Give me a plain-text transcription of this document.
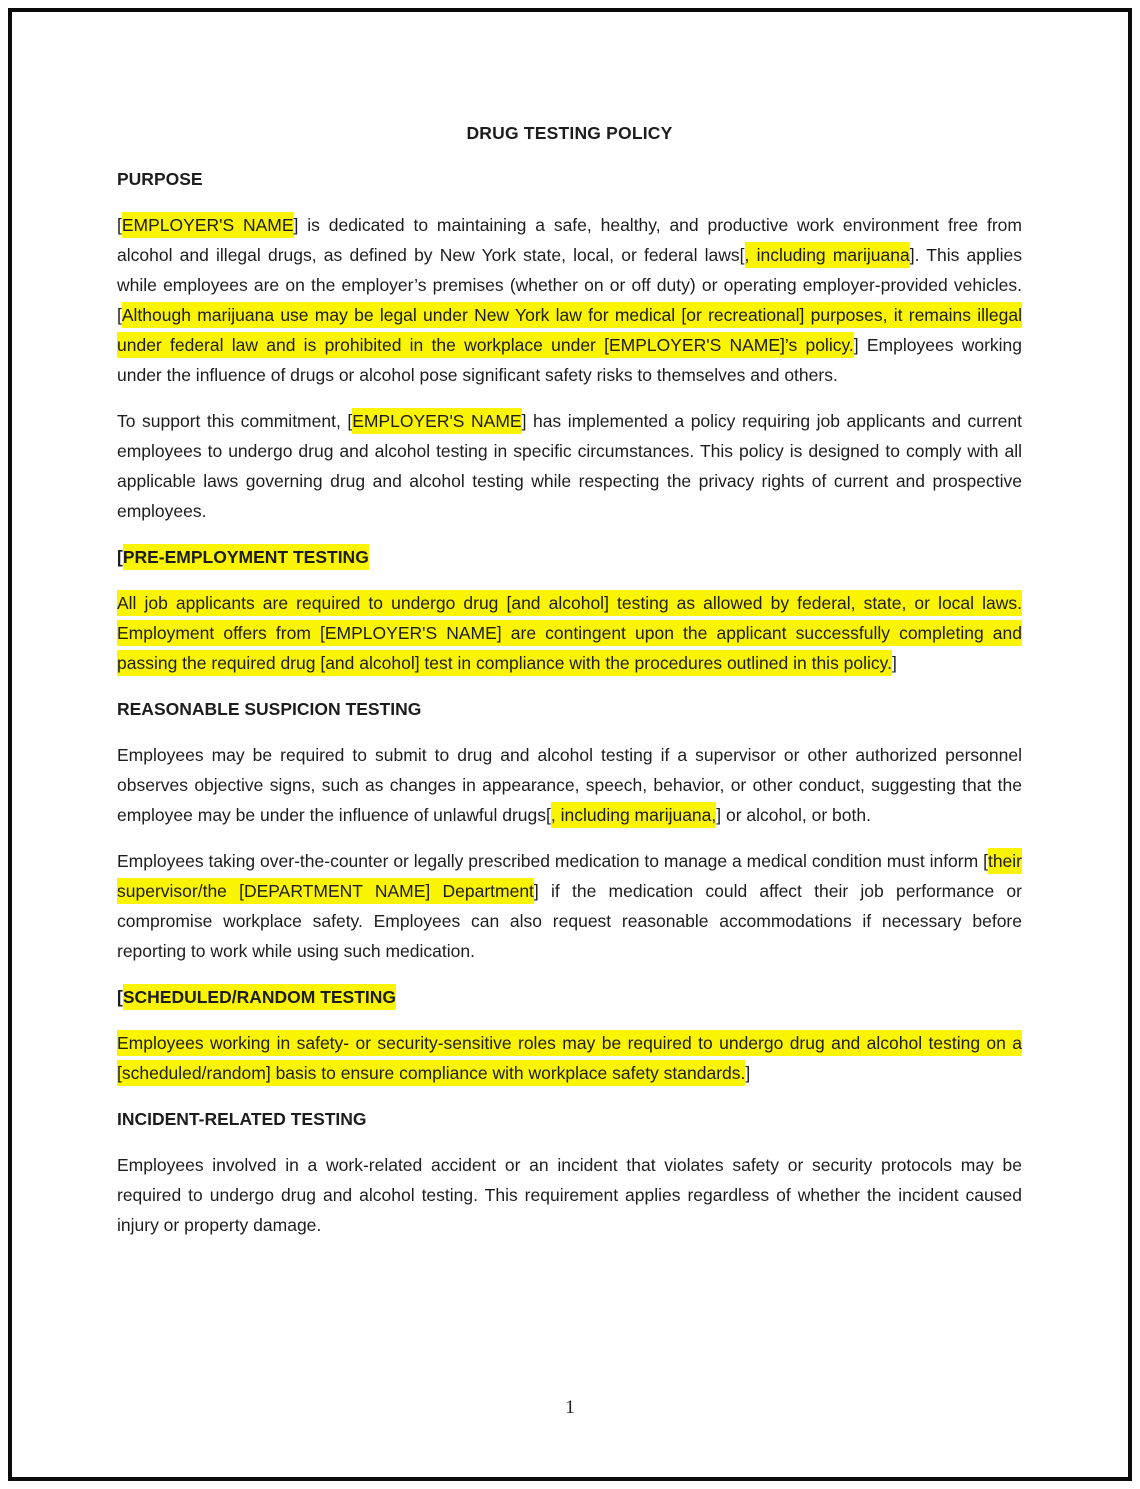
DRUG TESTING POLICY
PURPOSE

[EMPLOYER'S NAME] is dedicated to maintaining a safe, healthy, and productive work environment free from alcohol and illegal drugs, as defined by New York state, local, or federal laws[, including marijuana]. This applies while employees are on the employer’s premises (whether on or off duty) or operating employer-provided vehicles. [Although marijuana use may be legal under New York law for medical [or recreational] purposes, it remains illegal under federal law and is prohibited in the workplace under [EMPLOYER'S NAME]’s policy.] Employees working under the influence of drugs or alcohol pose significant safety risks to themselves and others.

To support this commitment, [EMPLOYER'S NAME] has implemented a policy requiring job applicants and current employees to undergo drug and alcohol testing in specific circumstances. This policy is designed to comply with all applicable laws governing drug and alcohol testing while respecting the privacy rights of current and prospective employees.

[PRE-EMPLOYMENT TESTING

All job applicants are required to undergo drug [and alcohol] testing as allowed by federal, state, or local laws. Employment offers from [EMPLOYER'S NAME] are contingent upon the applicant successfully completing and passing the required drug [and alcohol] test in compliance with the procedures outlined in this policy.]

REASONABLE SUSPICION TESTING

Employees may be required to submit to drug and alcohol testing if a supervisor or other authorized personnel observes objective signs, such as changes in appearance, speech, behavior, or other conduct, suggesting that the employee may be under the influence of unlawful drugs[, including marijuana,] or alcohol, or both.

Employees taking over-the-counter or legally prescribed medication to manage a medical condition must inform [their supervisor/the [DEPARTMENT NAME] Department] if the medication could affect their job performance or compromise workplace safety. Employees can also request reasonable accommodations if necessary before reporting to work while using such medication.

[SCHEDULED/RANDOM TESTING

Employees working in safety- or security-sensitive roles may be required to undergo drug and alcohol testing on a [scheduled/random] basis to ensure compliance with workplace safety standards.]

INCIDENT-RELATED TESTING

Employees involved in a work-related accident or an incident that violates safety or security protocols may be required to undergo drug and alcohol testing. This requirement applies regardless of whether the incident caused injury or property damage.

1
